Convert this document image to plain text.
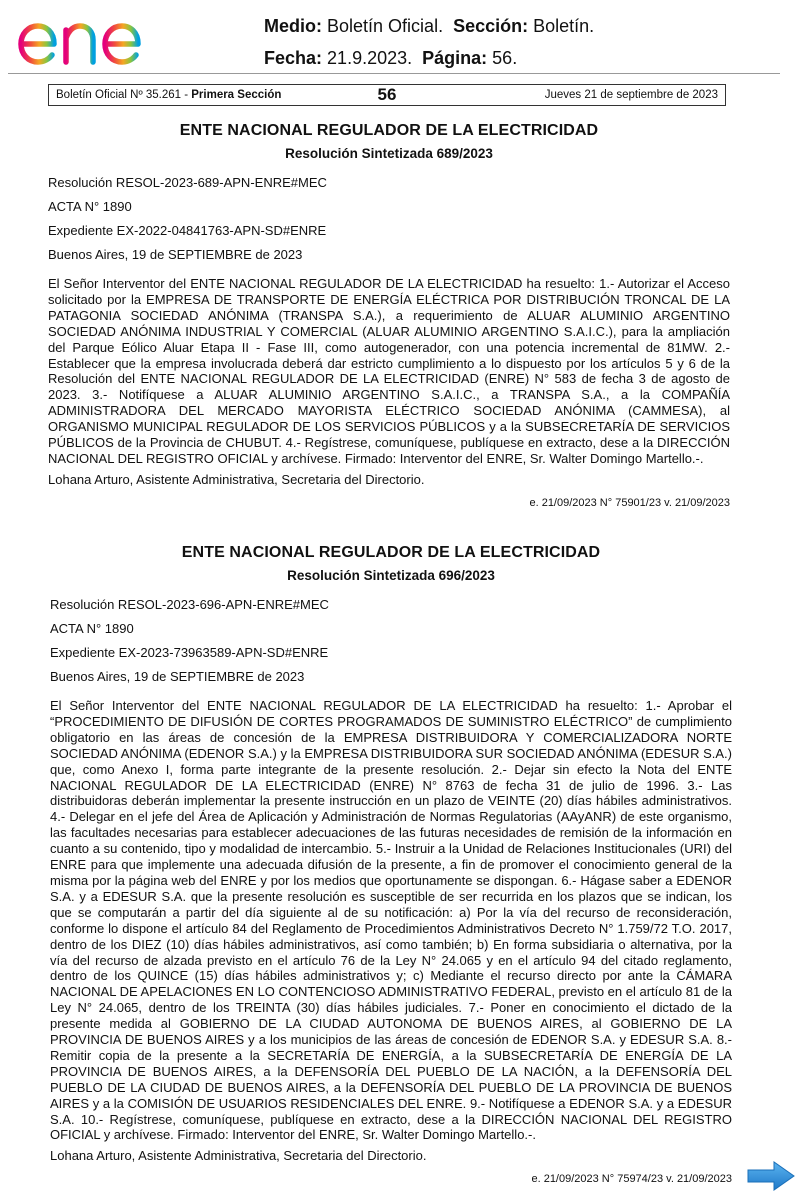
Medio: Boletín Oficial. Sección: Boletín.
Fecha: 21.9.2023. Página: 56.
Boletín Oficial Nº 35.261 - Primera Sección	56	Jueves 21 de septiembre de 2023
ENTE NACIONAL REGULADOR DE LA ELECTRICIDAD
Resolución Sintetizada 689/2023
Resolución RESOL-2023-689-APN-ENRE#MEC
ACTA N° 1890
Expediente EX-2022-04841763-APN-SD#ENRE
Buenos Aires, 19 de SEPTIEMBRE de 2023
El Señor Interventor del ENTE NACIONAL REGULADOR DE LA ELECTRICIDAD ha resuelto: 1.- Autorizar el Acceso solicitado por la EMPRESA DE TRANSPORTE DE ENERGÍA ELÉCTRICA POR DISTRIBUCIÓN TRONCAL DE LA PATAGONIA SOCIEDAD ANÓNIMA (TRANSPA S.A.), a requerimiento de ALUAR ALUMINIO ARGENTINO SOCIEDAD ANÓNIMA INDUSTRIAL Y COMERCIAL (ALUAR ALUMINIO ARGENTINO S.A.I.C.), para la ampliación del Parque Eólico Aluar Etapa II - Fase III, como autogenerador, con una potencia incremental de 81MW. 2.- Establecer que la empresa involucrada deberá dar estricto cumplimiento a lo dispuesto por los artículos 5 y 6 de la Resolución del ENTE NACIONAL REGULADOR DE LA ELECTRICIDAD (ENRE) N° 583 de fecha 3 de agosto de 2023. 3.- Notifíquese a ALUAR ALUMINIO ARGENTINO S.A.I.C., a TRANSPA S.A., a la COMPAÑÍA ADMINISTRADORA DEL MERCADO MAYORISTA ELÉCTRICO SOCIEDAD ANÓNIMA (CAMMESA), al ORGANISMO MUNICIPAL REGULADOR DE LOS SERVICIOS PÚBLICOS y a la SUBSECRETARÍA DE SERVICIOS PÚBLICOS de la Provincia de CHUBUT. 4.- Regístrese, comuníquese, publíquese en extracto, dese a la DIRECCIÓN NACIONAL DEL REGISTRO OFICIAL y archívese. Firmado: Interventor del ENRE, Sr. Walter Domingo Martello.-.
Lohana Arturo, Asistente Administrativa, Secretaria del Directorio.
e. 21/09/2023 N° 75901/23 v. 21/09/2023
ENTE NACIONAL REGULADOR DE LA ELECTRICIDAD
Resolución Sintetizada 696/2023
Resolución RESOL-2023-696-APN-ENRE#MEC
ACTA N° 1890
Expediente EX-2023-73963589-APN-SD#ENRE
Buenos Aires, 19 de SEPTIEMBRE de 2023
El Señor Interventor del ENTE NACIONAL REGULADOR DE LA ELECTRICIDAD ha resuelto: 1.- Aprobar el “PROCEDIMIENTO DE DIFUSIÓN DE CORTES PROGRAMADOS DE SUMINISTRO ELÉCTRICO” de cumplimiento obligatorio en las áreas de concesión de la EMPRESA DISTRIBUIDORA Y COMERCIALIZADORA NORTE SOCIEDAD ANÓNIMA (EDENOR S.A.) y la EMPRESA DISTRIBUIDORA SUR SOCIEDAD ANÓNIMA (EDESUR S.A.) que, como Anexo I, forma parte integrante de la presente resolución. 2.- Dejar sin efecto la Nota del ENTE NACIONAL REGULADOR DE LA ELECTRICIDAD (ENRE) N° 8763 de fecha 31 de julio de 1996. 3.- Las distribuidoras deberán implementar la presente instrucción en un plazo de VEINTE (20) días hábiles administrativos. 4.- Delegar en el jefe del Área de Aplicación y Administración de Normas Regulatorias (AAyANR) de este organismo, las facultades necesarias para establecer adecuaciones de las futuras necesidades de remisión de la información en cuanto a su contenido, tipo y modalidad de intercambio. 5.- Instruir a la Unidad de Relaciones Institucionales (URI) del ENRE para que implemente una adecuada difusión de la presente, a fin de promover el conocimiento general de la misma por la página web del ENRE y por los medios que oportunamente se dispongan. 6.- Hágase saber a EDENOR S.A. y a EDESUR S.A. que la presente resolución es susceptible de ser recurrida en los plazos que se indican, los que se computarán a partir del día siguiente al de su notificación: a) Por la vía del recurso de reconsideración, conforme lo dispone el artículo 84 del Reglamento de Procedimientos Administrativos Decreto N° 1.759/72 T.O. 2017, dentro de los DIEZ (10) días hábiles administrativos, así como también; b) En forma subsidiaria o alternativa, por la vía del recurso de alzada previsto en el artículo 76 de la Ley N° 24.065 y en el artículo 94 del citado reglamento, dentro de los QUINCE (15) días hábiles administrativos y; c) Mediante el recurso directo por ante la CÁMARA NACIONAL DE APELACIONES EN LO CONTENCIOSO ADMINISTRATIVO FEDERAL, previsto en el artículo 81 de la Ley N° 24.065, dentro de los TREINTA (30) días hábiles judiciales. 7.- Poner en conocimiento el dictado de la presente medida al GOBIERNO DE LA CIUDAD AUTONOMA DE BUENOS AIRES, al GOBIERNO DE LA PROVINCIA DE BUENOS AIRES y a los municipios de las áreas de concesión de EDENOR S.A. y EDESUR S.A. 8.- Remitir copia de la presente a la SECRETARÍA DE ENERGÍA, a la SUBSECRETARÍA DE ENERGÍA DE LA PROVINCIA DE BUENOS AIRES, a la DEFENSORÍA DEL PUEBLO DE LA NACIÓN, a la DEFENSORÍA DEL PUEBLO DE LA CIUDAD DE BUENOS AIRES, a la DEFENSORÍA DEL PUEBLO DE LA PROVINCIA DE BUENOS AIRES y a la COMISIÓN DE USUARIOS RESIDENCIALES DEL ENRE. 9.- Notifíquese a EDENOR S.A. y a EDESUR S.A. 10.- Regístrese, comuníquese, publíquese en extracto, dese a la DIRECCIÓN NACIONAL DEL REGISTRO OFICIAL y archívese. Firmado: Interventor del ENRE, Sr. Walter Domingo Martello.-.
Lohana Arturo, Asistente Administrativa, Secretaria del Directorio.
e. 21/09/2023 N° 75974/23 v. 21/09/2023
